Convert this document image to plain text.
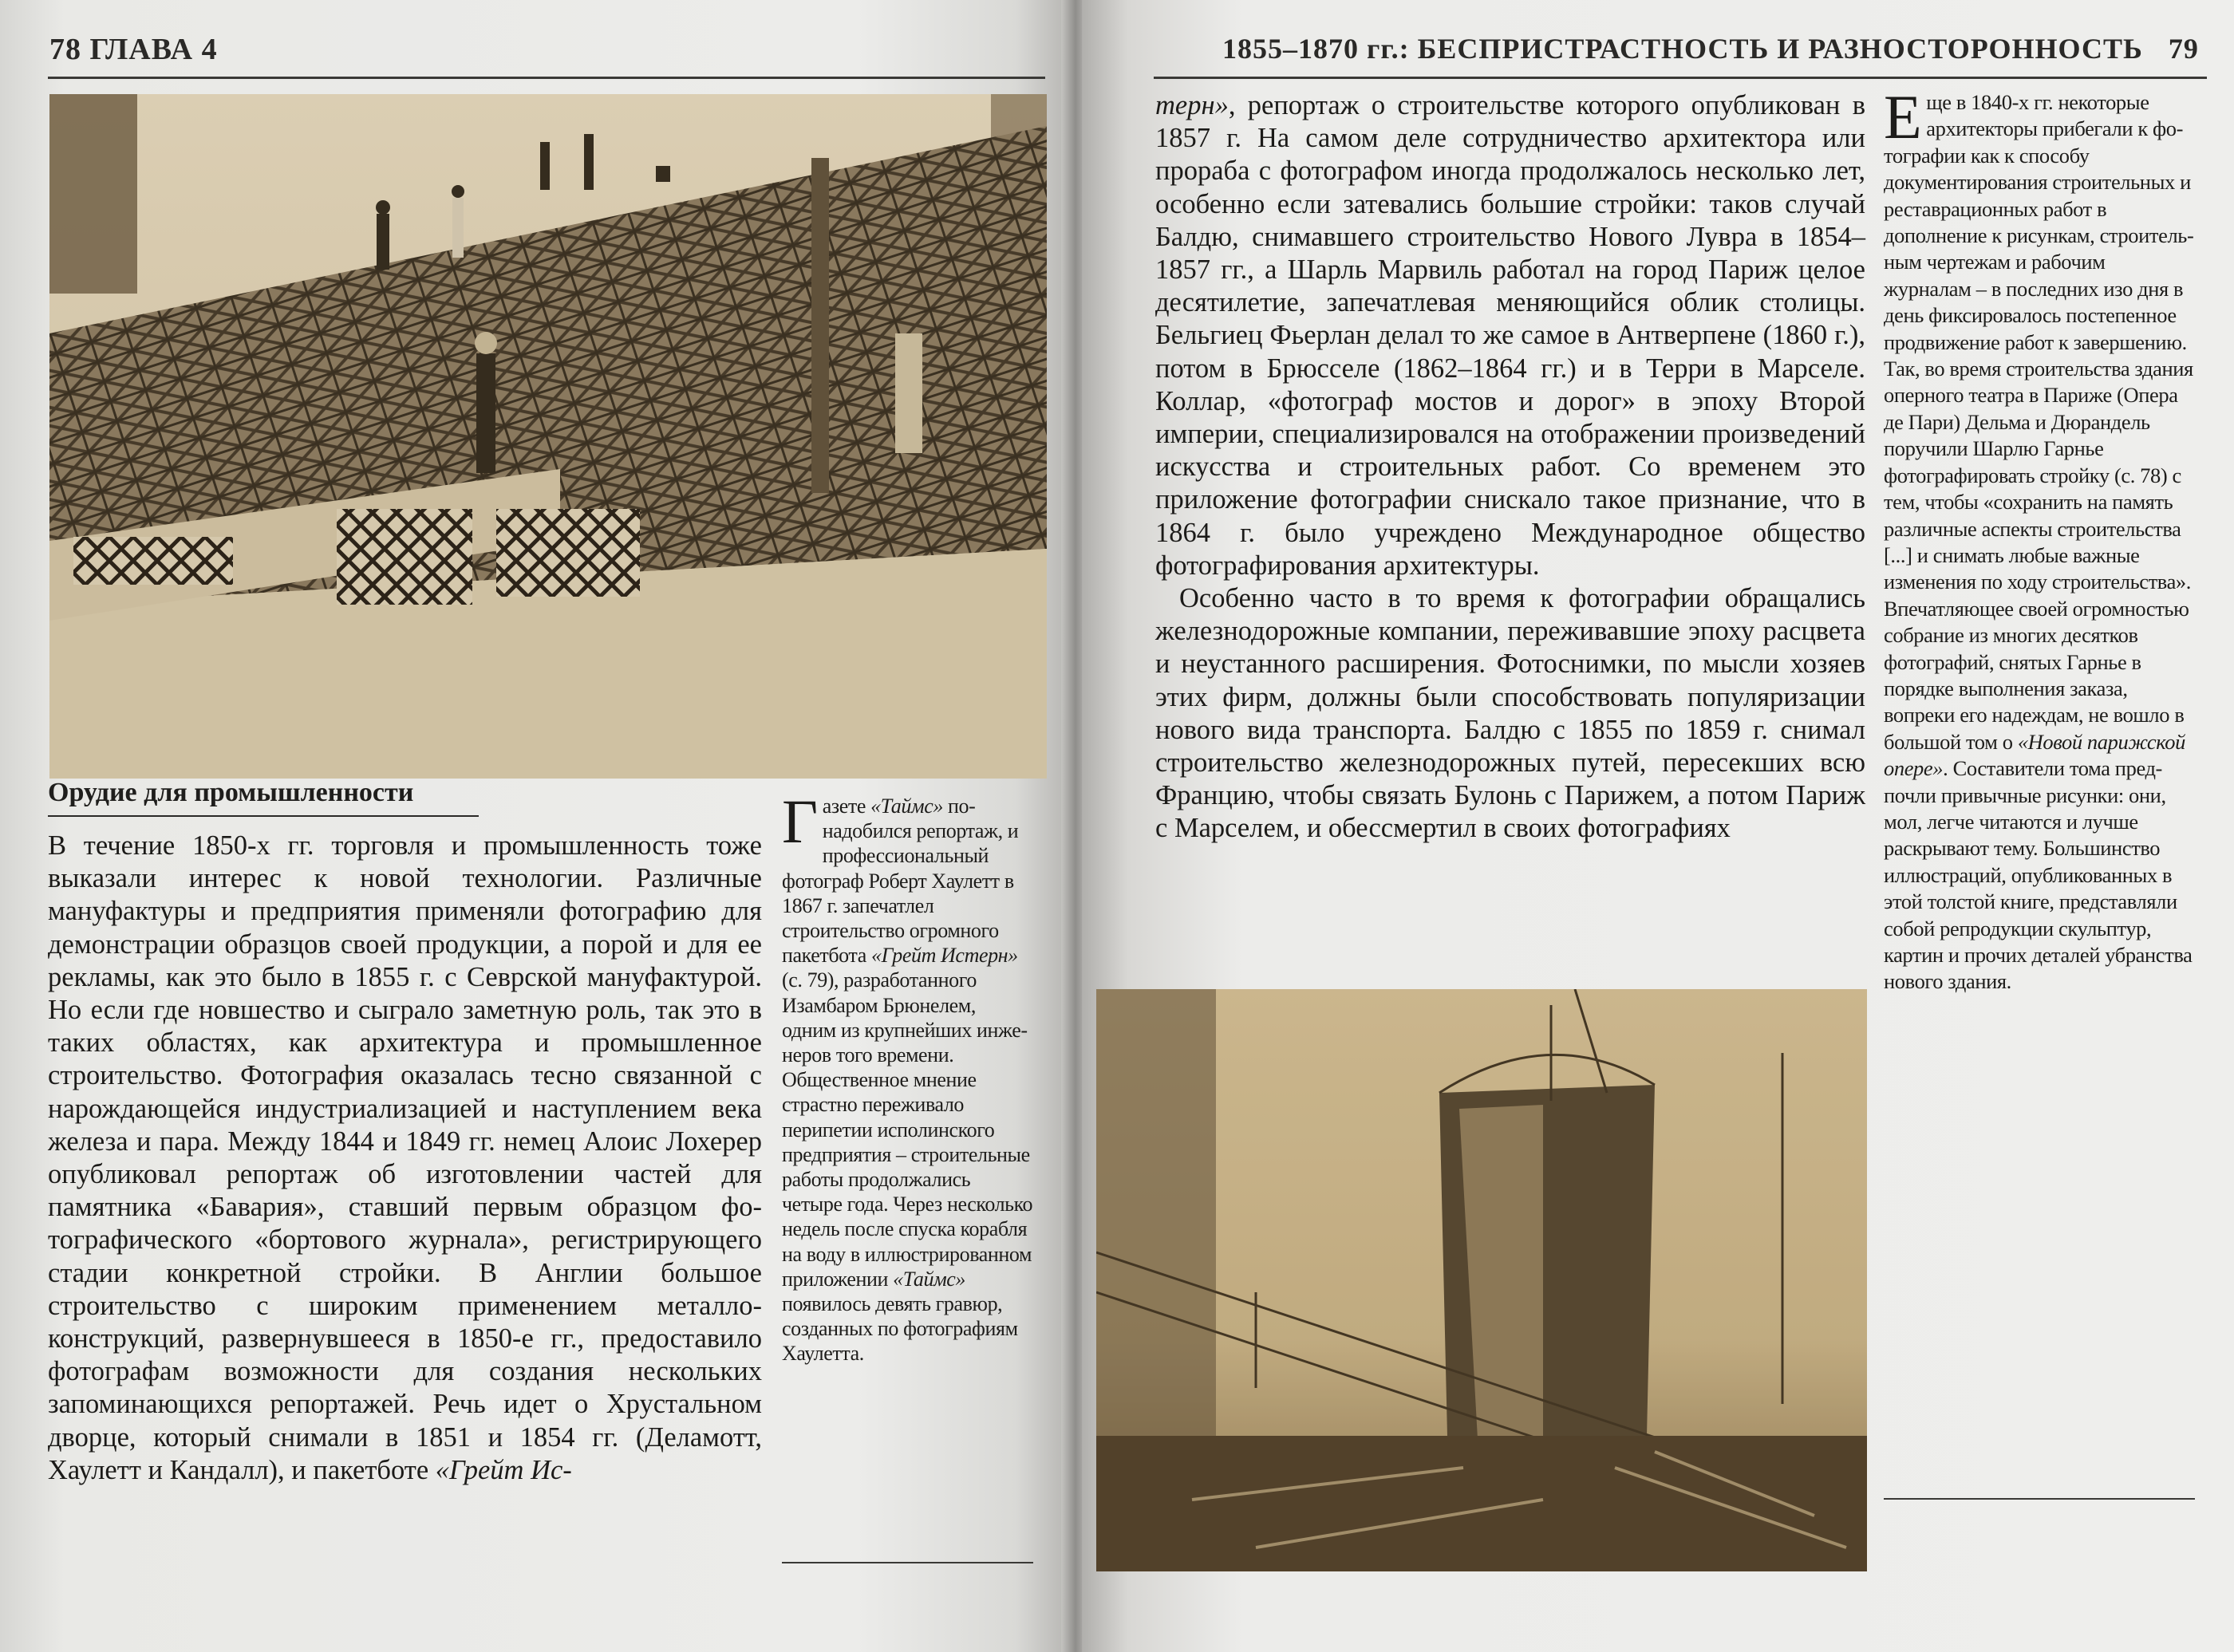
78 ГЛАВА 4
Орудие для промышленности

В течение 1850-х гг. торговля и промышленность тоже выказали интерес к новой технологии. Различные мануфактуры и предприятия применяли фотографию для демонстрации образцов своей продукции, а порой и для ее рекламы, как это было в 1855 г. с Севрской мануфактурой. Но если где новшество и сыграло заметную роль, так это в таких областях, как архитектура и промышленное строительство. Фотография оказалась тесно связанной с нарождающейся индустриализацией и наступлением века железа и пара. Между 1844 и 1849 гг. немец Алоис Лохерер опубликовал репортаж об изготовлении частей для памятника «Бавария», ставший первым образцом фотографического «бортового журнала», регистрирующего стадии конкретной стройки. В Англии большое строительство с широким применением металлоконструкций, развернувшееся в 1850-е гг., предоставило фотографам возможности для создания нескольких запоминающихся репортажей. Речь идет о Хрустальном дворце, который снимали в 1851 и 1854 гг. (Деламотт, Хаулетт и Кандалл), и пакетботе «Грейт Ис-

Газете «Таймс» понадобился репортаж, и профессиональный фотограф Роберт Хаулетт в 1867 г. запечатлел строительство огромного пакетбота «Грейт Истерн» (с. 79), разработанного Изамбаром Брюнелем, одним из крупнейших инженеров того времени. Общественное мнение страстно переживало перипетии исполинского предприятия – строительные работы продолжались четыре года. Через несколько недель после спуска корабля на воду в иллюстрированном приложении «Таймс» появилось девять гравюр, созданных по фотографиям Хаулетта.

1855–1870 гг.: БЕСПРИСТРАСТНОСТЬ И РАЗНОСТОРОННОСТЬ 79

терн», репортаж о строительстве которого опубликован в 1857 г. На самом деле сотрудничество архитектора или прораба с фотографом иногда продолжалось несколько лет, особенно если затевались большие стройки: таков случай Балдю, снимавшего строительство Нового Лувра в 1854–1857 гг., а Шарль Марвиль работал на город Париж целое десятилетие, запечатлевая меняющийся облик столицы. Бельгиец Фьерлан делал то же самое в Антверпене (1860 г.), потом в Брюсселе (1862–1864 гг.) и в Терри в Марселе. Коллар, «фотограф мостов и дорог» в эпоху Второй империи, специализировался на отображении произведений искусства и строительных работ. Со временем это приложение фотографии снискало такое признание, что в 1864 г. было учреждено Международное общество фотографирования архитектуры.

Особенно часто в то время к фотографии обращались железнодорожные компании, переживавшие эпоху расцвета и неустанного расширения. Фотоснимки, по мысли хозяев этих фирм, должны были способствовать популяризации нового вида транспорта. Балдю с 1855 по 1859 г. снимал строительство железнодорожных путей, пересекших всю Францию, чтобы связать Булонь с Парижем, а потом Париж с Марселем, и обессмертил в своих фотографиях

Еще в 1840-х гг. некоторые архитекторы прибегали к фотографии как к способу документирования строительных и реставрационных работ в дополнение к рисункам, строительным чертежам и рабочим журналам – в последних изо дня в день фиксировалось постепенное продвижение работ к завершению. Так, во время строительства здания оперного театра в Париже (Опера де Пари) Дельма и Дюрандель поручили Шарлю Гарнье фотографировать стройку (с. 78) с тем, чтобы «сохранить на память различные аспекты строительства [...] и снимать любые важные изменения по ходу строительства». Впечатляющее своей огромностью собрание из многих десятков фотографий, снятых Гарнье в порядке выполнения заказа, вопреки его надеждам, не вошло в большой том о «Новой парижской опере». Составители тома предпочли привычные рисунки: они, мол, легче читаются и лучше раскрывают тему. Большинство иллюстраций, опубликованных в этой толстой книге, представляли собой репродукции скульптур, картин и прочих деталей убранства нового здания.
